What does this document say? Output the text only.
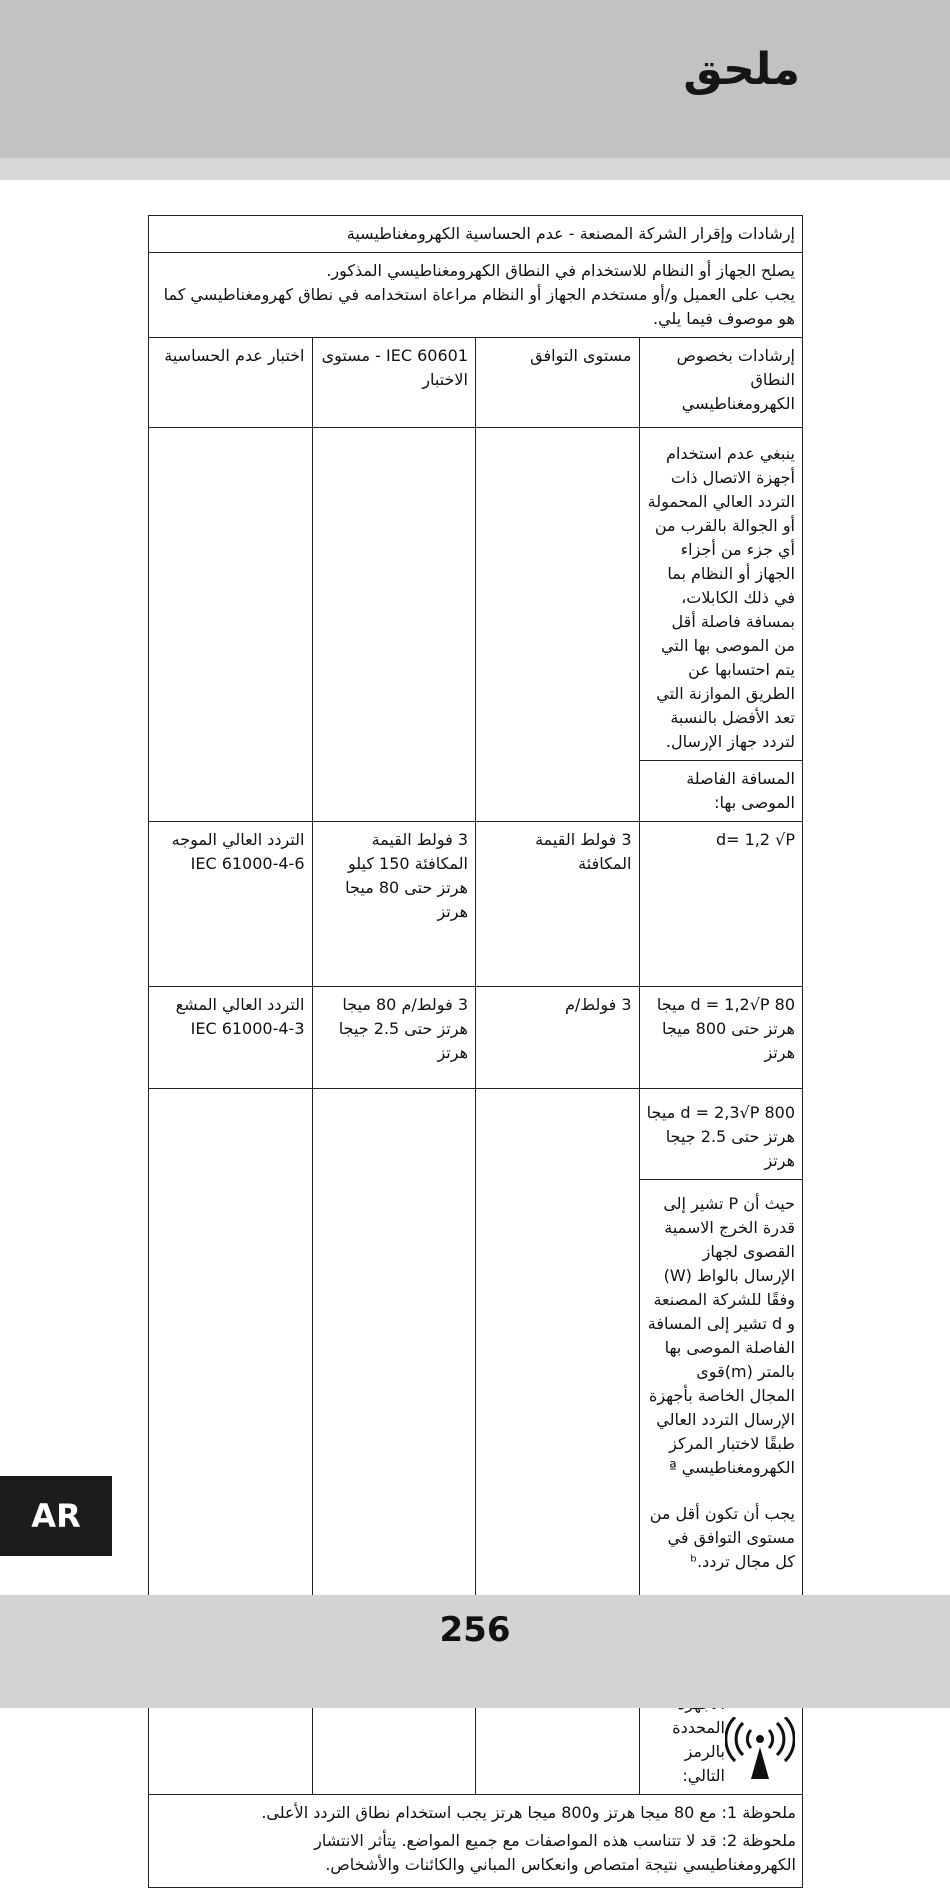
ملحق
إرشادات وإقرار الشركة المصنعة - عدم الحساسية الكهرومغناطيسية			

يصلح الجهاز أو النظام للاستخدام في النطاق الكهرومغناطيسي المذكور.
يجب على العميل و/أو مستخدم الجهاز أو النظام مراعاة استخدامه في نطاق كهرومغناطيسي كما هو موصوف فيما يلي.			

إرشادات بخصوص النطاق الكهرومغناطيسي	مستوى التوافق	IEC 60601 - مستوى الاختبار	اختبار عدم الحساسية
ينبغي عدم استخدام أجهزة الاتصال ذات التردد العالي المحمولة أو الجوالة بالقرب من أي جزء من أجزاء الجهاز أو النظام بما في ذلك الكابلات، بمسافة فاصلة أقل من الموصى بها التي يتم احتسابها عن الطريق الموازنة التي تعد الأفضل بالنسبة لتردد جهاز الإرسال.			
المسافة الفاصلة الموصى بها:			
d= 1,2 √P	3 فولط القيمة المكافئة	3 فولط القيمة المكافئة 150 كيلو هرتز حتى 80 ميجا هرتز	التردد العالي الموجه IEC 61000-4-6
d = 1,2√P 80 ميجا هرتز حتى 800 ميجا هرتز	3 فولط/م	3 فولط/م 80 ميجا هرتز حتى 2.5 جيجا هرتز	التردد العالي المشع IEC 61000-4-3
d = 2,3√P 800 ميجا هرتز حتى 2.5 جيجا هرتز			

حيث أن P تشير إلى قدرة الخرج الاسمية القصوى لجهاز الإرسال بالواط (W) وفقًا للشركة المصنعة و d تشير إلى المسافة الفاصلة الموصى بها بالمتر (m)قوى المجال الخاصة بأجهزة الإرسال التردد العالي طبقًا لاختبار المركز الكهرومغناطيسي ª

يجب أن تكون أقل من مستوى التوافق في كل مجال تردد.ᵇ

المحددة بالرمز التالي:			

ملحوظة 1: مع 80 ميجا هرتز و800 ميجا هرتز يجب استخدام نطاق التردد الأعلى.

ملحوظة 2: قد لا تتناسب هذه المواصفات مع جميع المواضع. يتأثر الانتشار الكهرومغناطيسي نتيجة امتصاص وانعكاس المباني والكائنات والأشخاص.			

AR
256
